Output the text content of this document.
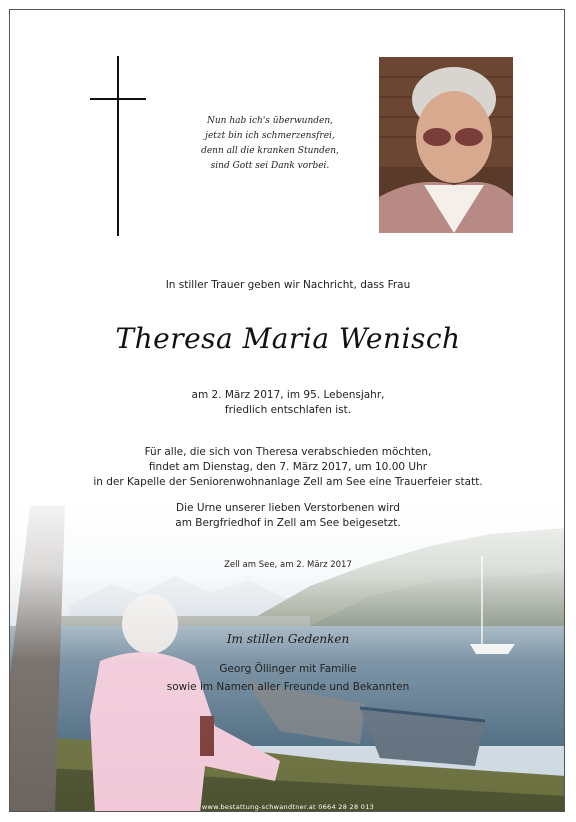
Nun hab ich's überwunden,
jetzt bin ich schmerzensfrei,
denn all die kranken Stunden,
sind Gott sei Dank vorbei.
In stiller Trauer geben wir Nachricht, dass Frau
Theresa Maria Wenisch
am 2. März 2017, im 95. Lebensjahr,
friedlich entschlafen ist.
Für alle, die sich von Theresa verabschieden möchten,
findet am Dienstag, den 7. März 2017, um 10.00 Uhr
in der Kapelle der Seniorenwohnanlage Zell am See eine Trauerfeier statt.
Die Urne unserer lieben Verstorbenen wird
am Bergfriedhof in Zell am See beigesetzt.
Zell am See, am 2. März 2017
Im stillen Gedenken
Georg Öllinger mit Familie
sowie im Namen aller Freunde und Bekannten
www.bestattung-schwandtner.at 0664 28 28 013
